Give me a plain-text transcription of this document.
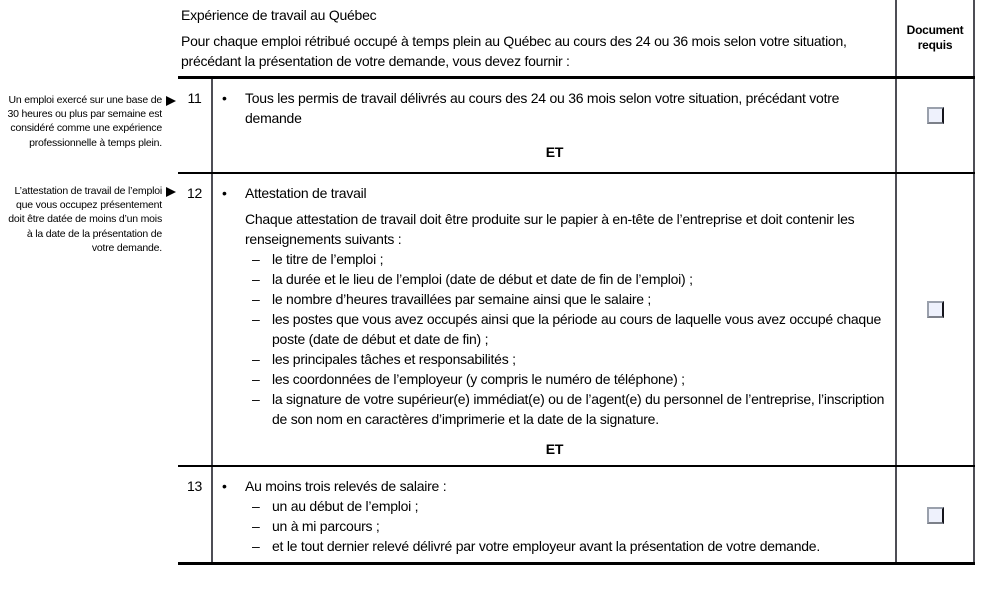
Un emploi exercé sur une base de 30 heures ou plus par semaine est considéré comme une expérience professionnelle à temps plein.
L’attestation de travail de l’emploi que vous occupez présentement doit être datée de moins d’un mois à la date de la présentation de votre demande.
Expérience de travail au Québec
Pour chaque emploi rétribué occupé à temps plein au Québec au cours des 24 ou 36 mois selon votre situation, précédant la présentation de votre demande, vous devez fournir :
Document requis
11	•	Tous les permis de travail délivrés au cours des 24 ou 36 mois selon votre situation, précédant votre demande
ET
12	•	Attestation de travail
Chaque attestation de travail doit être produite sur le papier à en-tête de l’entreprise et doit contenir les renseignements suivants :
– le titre de l’emploi ;
– la durée et le lieu de l’emploi (date de début et date de fin de l’emploi) ;
– le nombre d’heures travaillées par semaine ainsi que le salaire ;
– les postes que vous avez occupés ainsi que la période au cours de laquelle vous avez occupé chaque poste (date de début et date de fin) ;
– les principales tâches et responsabilités ;
– les coordonnées de l’employeur (y compris le numéro de téléphone) ;
– la signature de votre supérieur(e) immédiat(e) ou de l’agent(e) du personnel de l’entreprise, l’inscription de son nom en caractères d’imprimerie et la date de la signature.
ET
13	•	Au moins trois relevés de salaire :
– un au début de l’emploi ;
– un à mi parcours ;
– et le tout dernier relevé délivré par votre employeur avant la présentation de votre demande.
